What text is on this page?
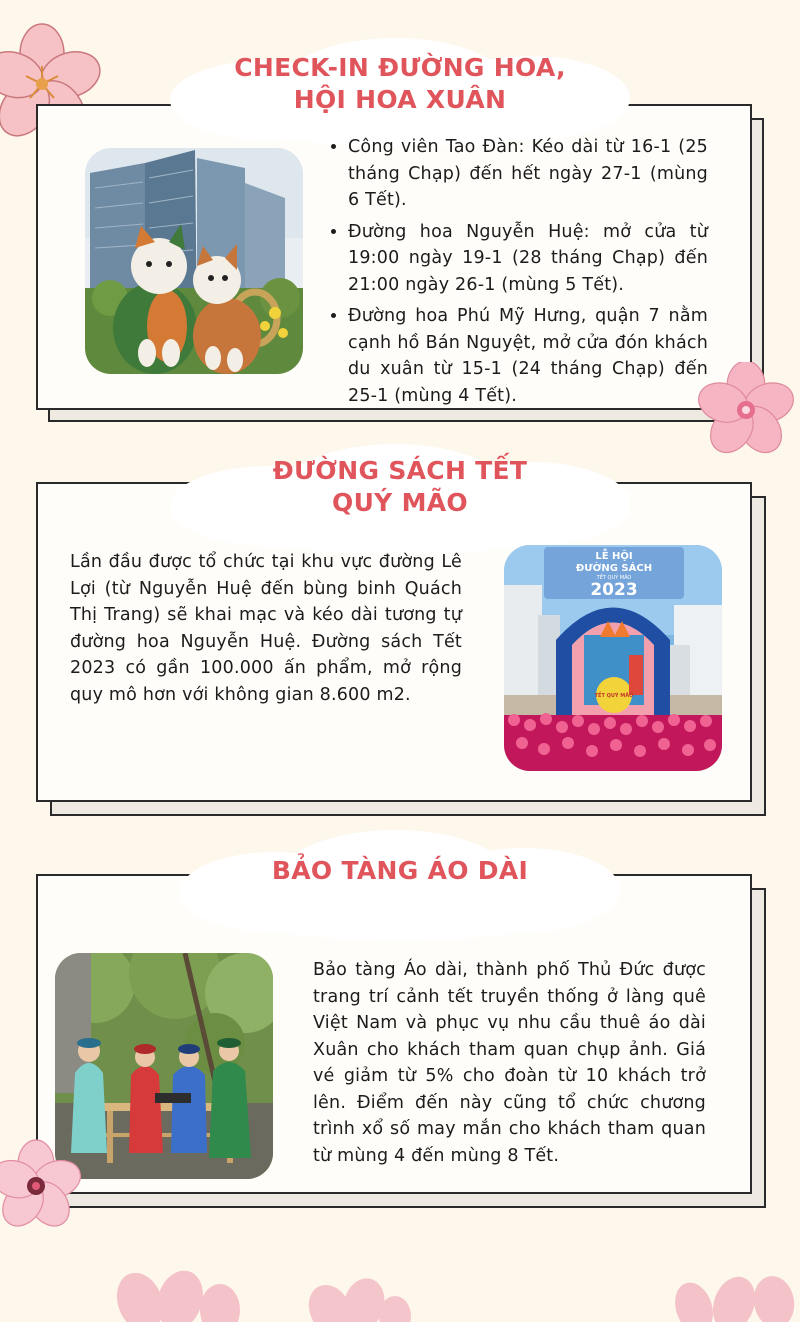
CHECK-IN ĐƯỜNG HOA,
HỘI HOA XUÂN
• Công viên Tao Đàn: Kéo dài từ 16-1 (25 tháng Chạp) đến hết ngày 27-1 (mùng 6 Tết).
• Đường hoa Nguyễn Huệ: mở cửa từ 19:00 ngày 19-1 (28 tháng Chạp) đến 21:00 ngày 26-1 (mùng 5 Tết).
• Đường hoa Phú Mỹ Hưng, quận 7 nằm cạnh hồ Bán Nguyệt, mở cửa đón khách du xuân từ 15-1 (24 tháng Chạp) đến 25-1 (mùng 4 Tết).
ĐƯỜNG SÁCH TẾT
QUÝ MÃO
Lần đầu được tổ chức tại khu vực đường Lê Lợi (từ Nguyễn Huệ đến bùng binh Quách Thị Trang) sẽ khai mạc và kéo dài tương tự đường hoa Nguyễn Huệ. Đường sách Tết 2023 có gần 100.000 ấn phẩm, mở rộng quy mô hơn với không gian 8.600 m2.
LỄ HỘI
ĐƯỜNG SÁCH
TẾT QUÝ MÃO
2023
TẾT QUÝ MÃO
BẢO TÀNG ÁO DÀI
Bảo tàng Áo dài, thành phố Thủ Đức được trang trí cảnh tết truyền thống ở làng quê Việt Nam và phục vụ nhu cầu thuê áo dài Xuân cho khách tham quan chụp ảnh. Giá vé giảm từ 5% cho đoàn từ 10 khách trở lên. Điểm đến này cũng tổ chức chương trình xổ số may mắn cho khách tham quan từ mùng 4 đến mùng 8 Tết.
